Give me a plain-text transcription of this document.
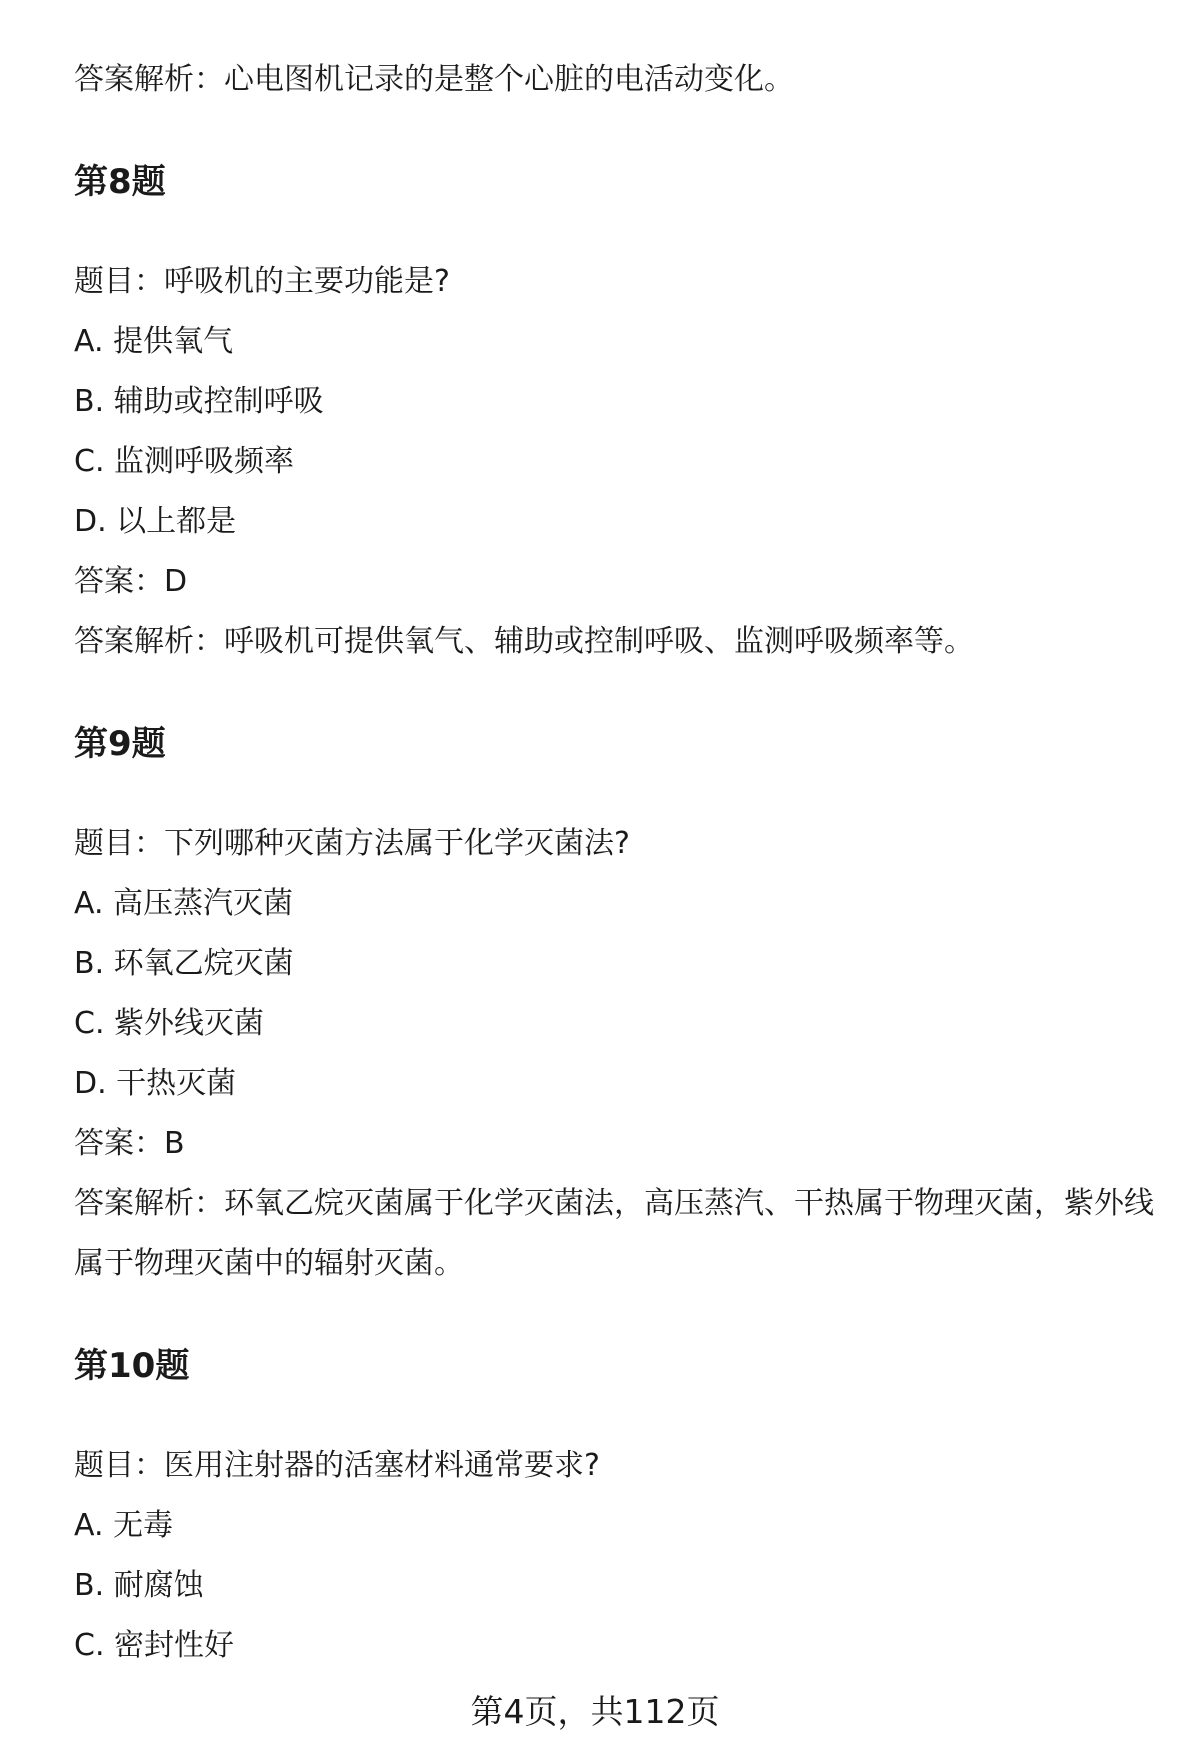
答案解析：心电图机记录的是整个心脏的电活动变化。
第8题
题目：呼吸机的主要功能是?
A. 提供氧气
B. 辅助或控制呼吸
C. 监测呼吸频率
D. 以上都是
答案：D
答案解析：呼吸机可提供氧气、辅助或控制呼吸、监测呼吸频率等。
第9题
题目：下列哪种灭菌方法属于化学灭菌法?
A. 高压蒸汽灭菌
B. 环氧乙烷灭菌
C. 紫外线灭菌
D. 干热灭菌
答案：B
答案解析：环氧乙烷灭菌属于化学灭菌法，高压蒸汽、干热属于物理灭菌，紫外线
属于物理灭菌中的辐射灭菌。
第10题
题目：医用注射器的活塞材料通常要求?
A. 无毒
B. 耐腐蚀
C. 密封性好
第4页，共112页
